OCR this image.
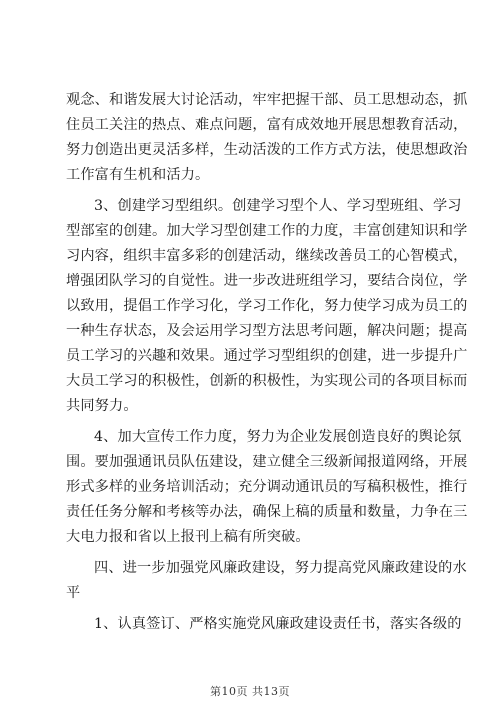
观念、和谐发展大讨论活动，牢牢把握干部、员工思想动态，抓
住员工关注的热点、难点问题，富有成效地开展思想教育活动，
努力创造出更灵活多样，生动活泼的工作方式方法，使思想政治
工作富有生机和活力。
3、创建学习型组织。创建学习型个人、学习型班组、学习
型部室的创建。加大学习型创建工作的力度，丰富创建知识和学
习内容，组织丰富多彩的创建活动，继续改善员工的心智模式，
增强团队学习的自觉性。进一步改进班组学习，要结合岗位，学
以致用，提倡工作学习化，学习工作化，努力使学习成为员工的
一种生存状态，及会运用学习型方法思考问题，解决问题；提高
员工学习的兴趣和效果。通过学习型组织的创建，进一步提升广
大员工学习的积极性，创新的积极性，为实现公司的各项目标而
共同努力。
4、加大宣传工作力度，努力为企业发展创造良好的舆论氛
围。要加强通讯员队伍建设，建立健全三级新闻报道网络，开展
形式多样的业务培训活动；充分调动通讯员的写稿积极性，推行
责任任务分解和考核等办法，确保上稿的质量和数量，力争在三
大电力报和省以上报刊上稿有所突破。
四、进一步加强党风廉政建设，努力提高党风廉政建设的水
平
1、认真签订、严格实施党风廉政建设责任书，落实各级的
第10页 共13页
